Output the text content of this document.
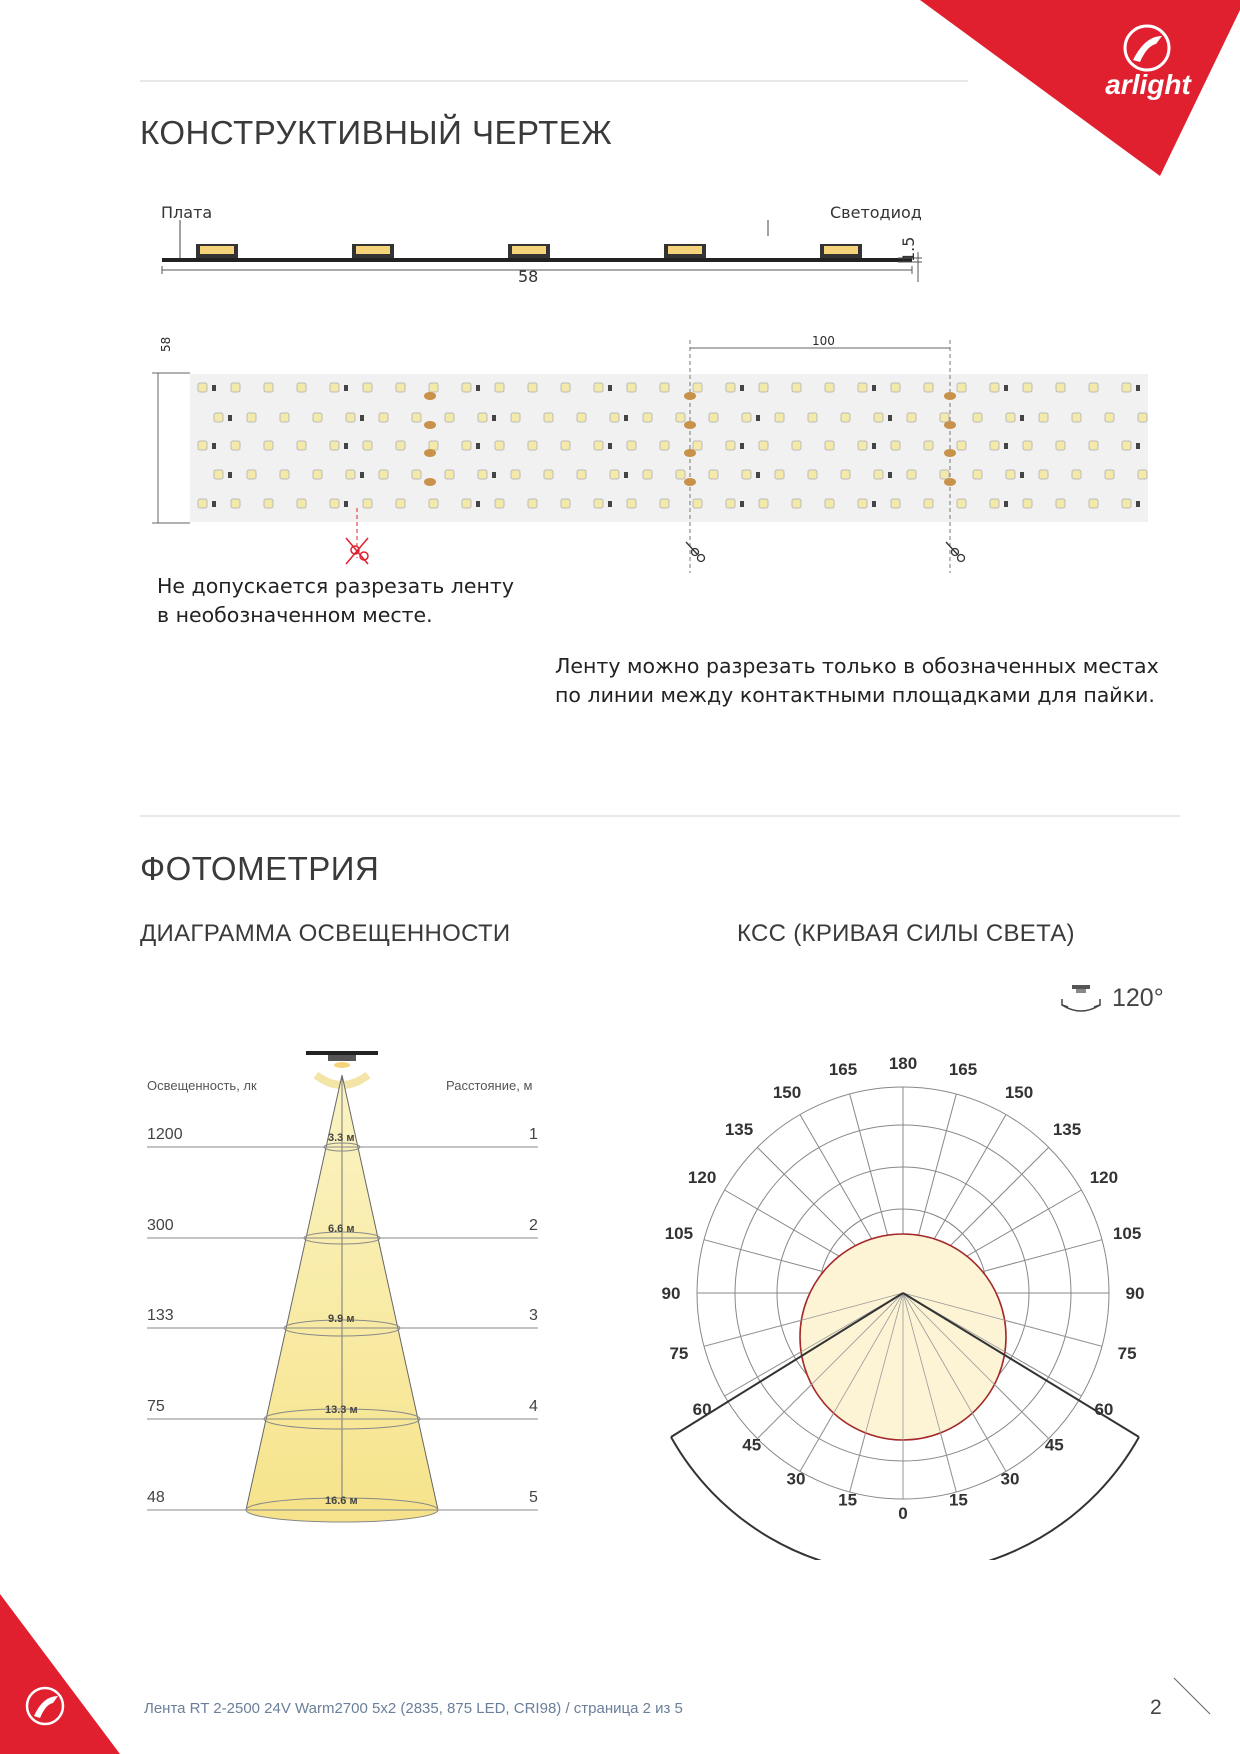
arlight
КОНСТРУКТИВНЫЙ ЧЕРТЕЖ
Плата	Светодиод
58
1.5
58	100
Не допускается разрезать ленту
в необозначенном месте.
Ленту можно разрезать только в обозначенных местах
по линии между контактными площадками для пайки.
ФОТОМЕТРИЯ
ДИАГРАММА ОСВЕЩЕННОСТИ	КСС (КРИВАЯ СИЛЫ СВЕТА)
120°
Освещенность, лк	Расстояние, м
1200	3.3 м	1
300	6.6 м	2
133	9.9 м	3
75	13.3 м	4
48	16.6 м	5
180
165
150
135
120
105
90
75
60
165
150
135
120
105
90
75
60
45
30
15
0
15
30
45
Лента RT 2-2500 24V Warm2700 5x2 (2835, 875 LED, CRI98) / страница 2 из 5	2
